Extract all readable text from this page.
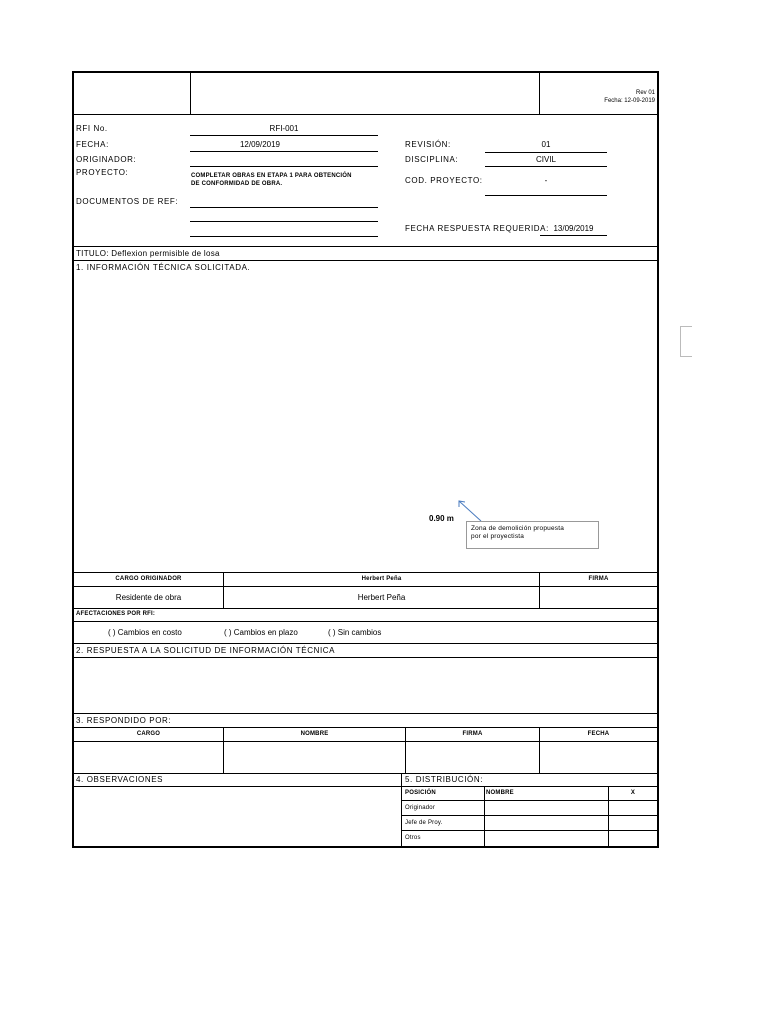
Rev 01
Fecha: 12-09-2019
RFI No.	RFI-001
FECHA:	12/09/2019
ORIGINADOR:
PROYECTO:	COMPLETAR OBRAS EN ETAPA 1 PARA OBTENCIÓN
DE CONFORMIDAD DE OBRA.
DOCUMENTOS DE REF:
REVISIÓN:	01
DISCIPLINA:	CIVIL
COD. PROYECTO:	-
FECHA RESPUESTA REQUERIDA: 13/09/2019
TITULO: Deflexion permisible de losa
1. INFORMACIÓN TÉCNICA SOLICITADA.
0.90 m
Zona de demolición propuesta
por el proyectista
CARGO ORIGINADOR	Herbert Peña	FIRMA
Residente de obra	Herbert Peña
AFECTACIONES POR RFI:
( ) Cambios en costo	( ) Cambios en plazo	( ) Sin cambios
2. RESPUESTA A LA SOLICITUD DE INFORMACIÓN TÉCNICA
3. RESPONDIDO POR:
CARGO	NOMBRE	FIRMA	FECHA
4. OBSERVACIONES	5. DISTRIBUCIÓN:
POSICIÓN	NOMBRE	X
Originador
Jefe de Proy.
Otros
